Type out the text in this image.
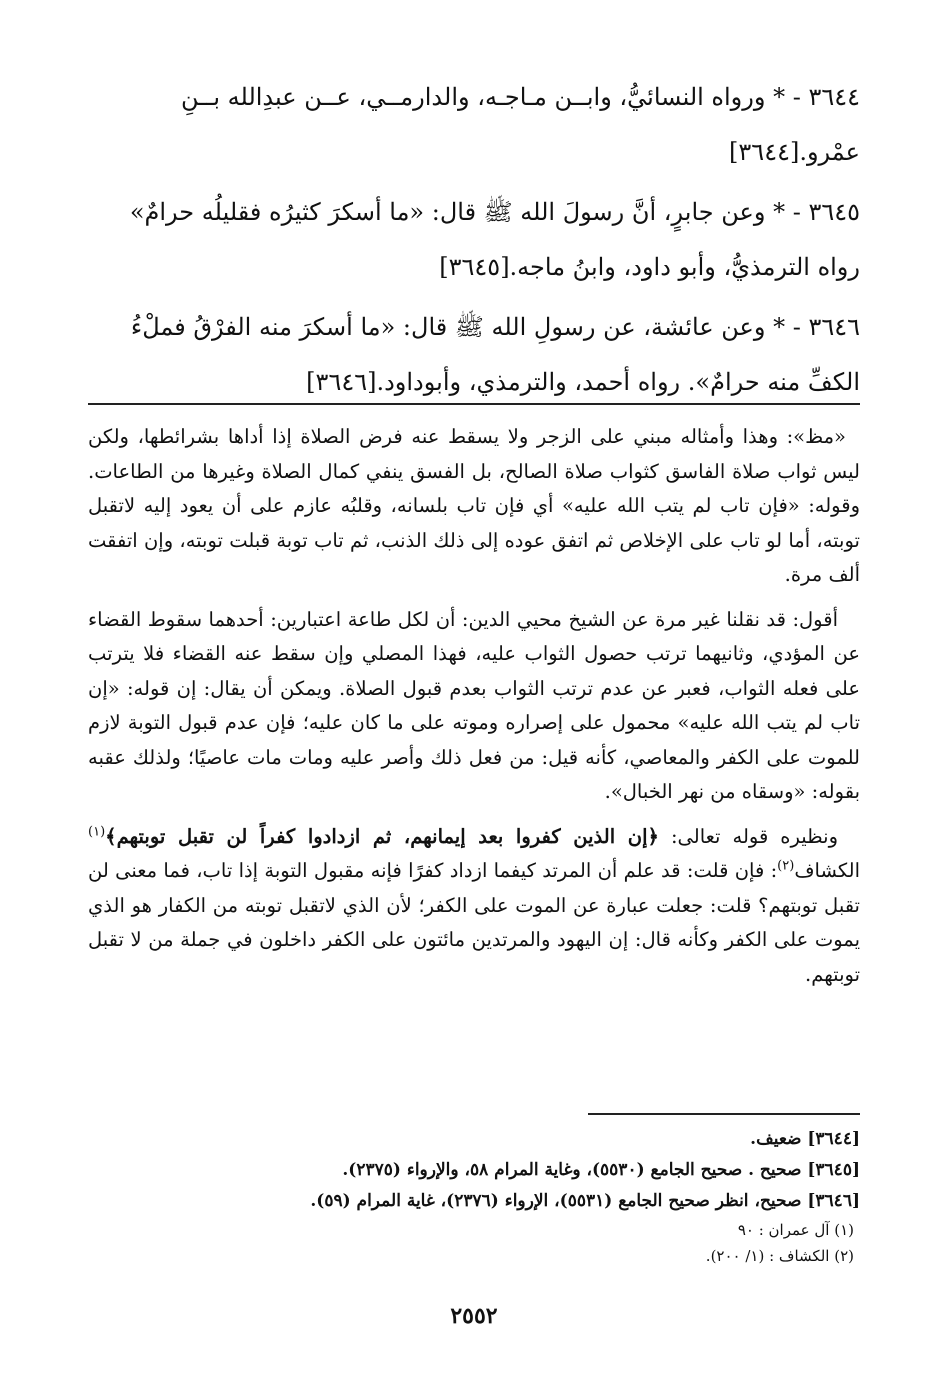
٣٦٤٤ - * ورواه النسائيُّ، وابــن مـاجـه، والدارمــي، عــن عبدِالله بــنِ
عمْرو.[٣٦٤٤]

٣٦٤٥ - * وعن جابرٍ، أنَّ رسولَ الله ﷺ قال: «ما أسكرَ كثيرُه فقليلُه حرامٌ»
رواه الترمذيُّ، وأبو داود، وابنُ ماجه.[٣٦٤٥]

٣٦٤٦ - * وعن عائشة، عن رسولِ الله ﷺ قال: «ما أسكرَ منه الفرْقُ فملْءُ
الكفِّ منه حرامٌ». رواه أحمد، والترمذي، وأبوداود.[٣٦٤٦]

«مظ»: وهذا وأمثاله مبني على الزجر ولا يسقط عنه فرض الصلاة إذا أداها بشرائطها، ولكن ليس ثواب صلاة الفاسق كثواب صلاة الصالح، بل الفسق ينفي كمال الصلاة وغيرها من الطاعات. وقوله: «فإن تاب لم يتب الله عليه» أي فإن تاب بلسانه، وقلبُه عازم على أن يعود إليه لاتقبل توبته، أما لو تاب على الإخلاص ثم اتفق عوده إلى ذلك الذنب، ثم تاب توبة قبلت توبته، وإن اتفقت ألف مرة.

أقول: قد نقلنا غير مرة عن الشيخ محيي الدين: أن لكل طاعة اعتبارين: أحدهما سقوط القضاء عن المؤدي، وثانيهما ترتب حصول الثواب عليه، فهذا المصلي وإن سقط عنه القضاء فلا يترتب على فعله الثواب، فعبر عن عدم ترتب الثواب بعدم قبول الصلاة. ويمكن أن يقال: إن قوله: «إن تاب لم يتب الله عليه» محمول على إصراره وموته على ما كان عليه؛ فإن عدم قبول التوبة لازم للموت على الكفر والمعاصي، كأنه قيل: من فعل ذلك وأصر عليه ومات مات عاصيًا؛ ولذلك عقبه بقوله: «وسقاه من نهر الخبال».

ونظيره قوله تعالى: ﴿إن الذين كفروا بعد إيمانهم، ثم ازدادوا كفراً لن تقبل توبتهم﴾$^{(١)}$ الكشاف$^{(٢)}$: فإن قلت: قد علم أن المرتد كيفما ازداد كفرًا فإنه مقبول التوبة إذا تاب، فما معنى لن تقبل توبتهم؟ قلت: جعلت عبارة عن الموت على الكفر؛ لأن الذي لاتقبل توبته من الكفار هو الذي يموت على الكفر وكأنه قال: إن اليهود والمرتدين مائتون على الكفر داخلون في جملة من لا تقبل توبتهم.

[٣٦٤٤] ضعيف.

[٣٦٤٥] صحيح . صحيح الجامع (٥٥٣٠)، وغاية المرام ٥٨، والإرواء (٢٣٧٥).

[٣٦٤٦] صحيح، انظر صحيح الجامع (٥٥٣١)، الإرواء (٢٣٧٦)، غاية المرام (٥٩).

(١) آل عمران : ٩٠

(٢) الكشاف : (١/ ٢٠٠).

٢٥٥٢
